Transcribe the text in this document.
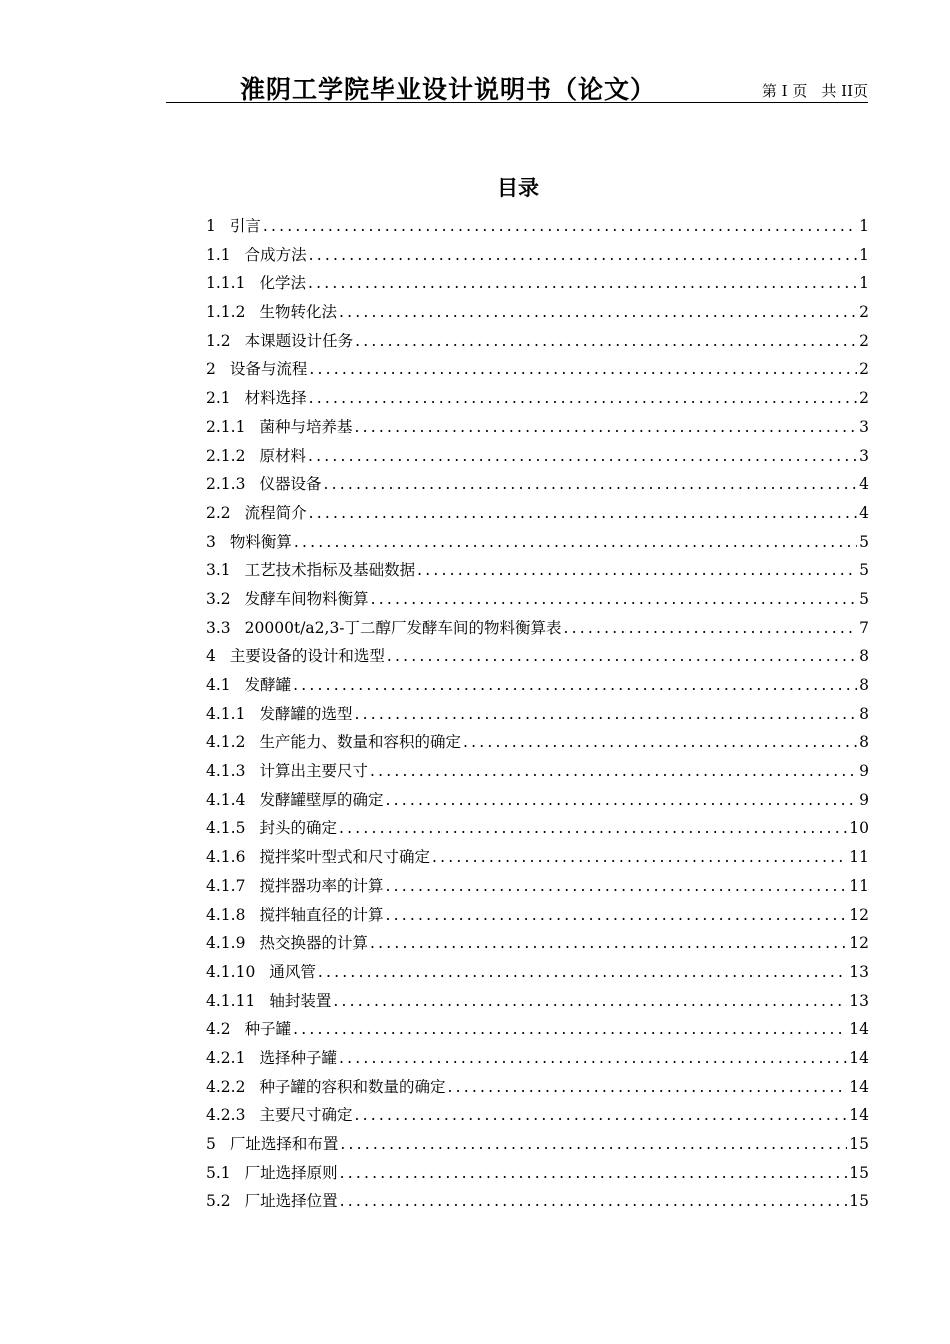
淮阴工学院毕业设计说明书（论文）	第 I 页 共 II页
目录
1 引言 .....	1
1.1 合成方法 .....	1
1.1.1 化学法 .....	1
1.1.2 生物转化法 .....	2
1.2 本课题设计任务 .....	2
2 设备与流程 .....	2
2.1 材料选择 .....	2
2.1.1 菌种与培养基 .....	3
2.1.2 原材料 .....	3
2.1.3 仪器设备 .....	4
2.2 流程简介 .....	4
3 物料衡算 .....	5
3.1 工艺技术指标及基础数据 .....	5
3.2 发酵车间物料衡算 .....	5
3.3 20000t/a2,3-丁二醇厂发酵车间的物料衡算表 .....	7
4 主要设备的设计和选型 .....	8
4.1 发酵罐 .....	8
4.1.1 发酵罐的选型 .....	8
4.1.2 生产能力、数量和容积的确定 .....	8
4.1.3 计算出主要尺寸 .....	9
4.1.4 发酵罐壁厚的确定 .....	9
4.1.5 封头的确定 .....	10
4.1.6 搅拌桨叶型式和尺寸确定 .....	11
4.1.7 搅拌器功率的计算 .....	11
4.1.8 搅拌轴直径的计算 .....	12
4.1.9 热交换器的计算 .....	12
4.1.10 通风管 .....	13
4.1.11 轴封装置 .....	13
4.2 种子罐 .....	14
4.2.1 选择种子罐 .....	14
4.2.2 种子罐的容积和数量的确定 .....	14
4.2.3 主要尺寸确定 .....	14
5 厂址选择和布置 .....	15
5.1 厂址选择原则 .....	15
5.2 厂址选择位置 .....	15
